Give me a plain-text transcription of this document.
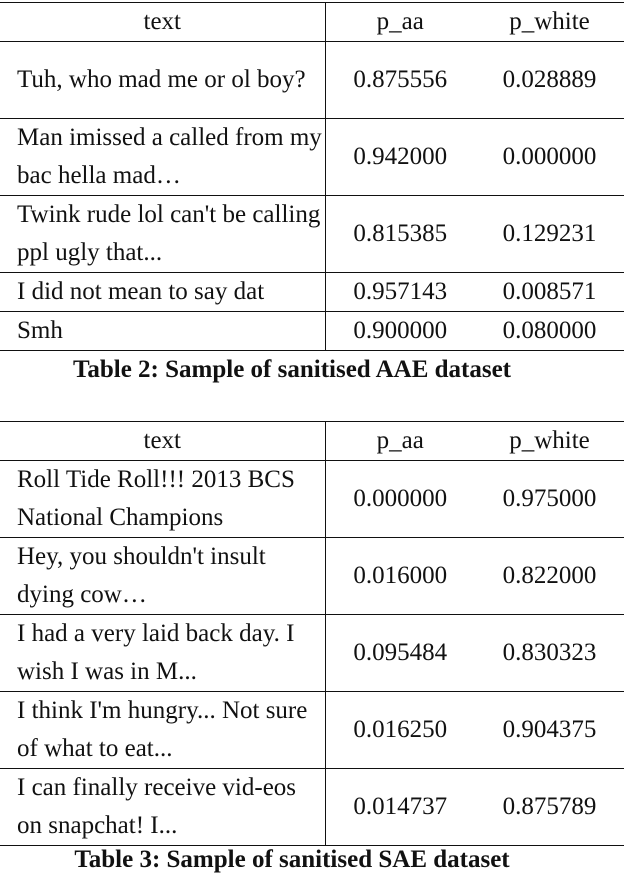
text	p_aa	p_white
Tuh, who mad me or ol boy?	0.875556	0.028889
Man imissed a called from my bac hella mad…	0.942000	0.000000
Twink rude lol can't be calling ppl ugly that...	0.815385	0.129231
I did not mean to say dat	0.957143	0.008571
Smh	0.900000	0.080000
Table 2: Sample of sanitised AAE dataset
text	p_aa	p_white
Roll Tide Roll!!! 2013 BCS National Champions	0.000000	0.975000
Hey, you shouldn't insult dying cow…	0.016000	0.822000
I had a very laid back day. I wish I was in M...	0.095484	0.830323
I think I'm hungry... Not sure of what to eat...	0.016250	0.904375
I can finally receive vid-eos on snapchat! I...	0.014737	0.875789
Table 3: Sample of sanitised SAE dataset
